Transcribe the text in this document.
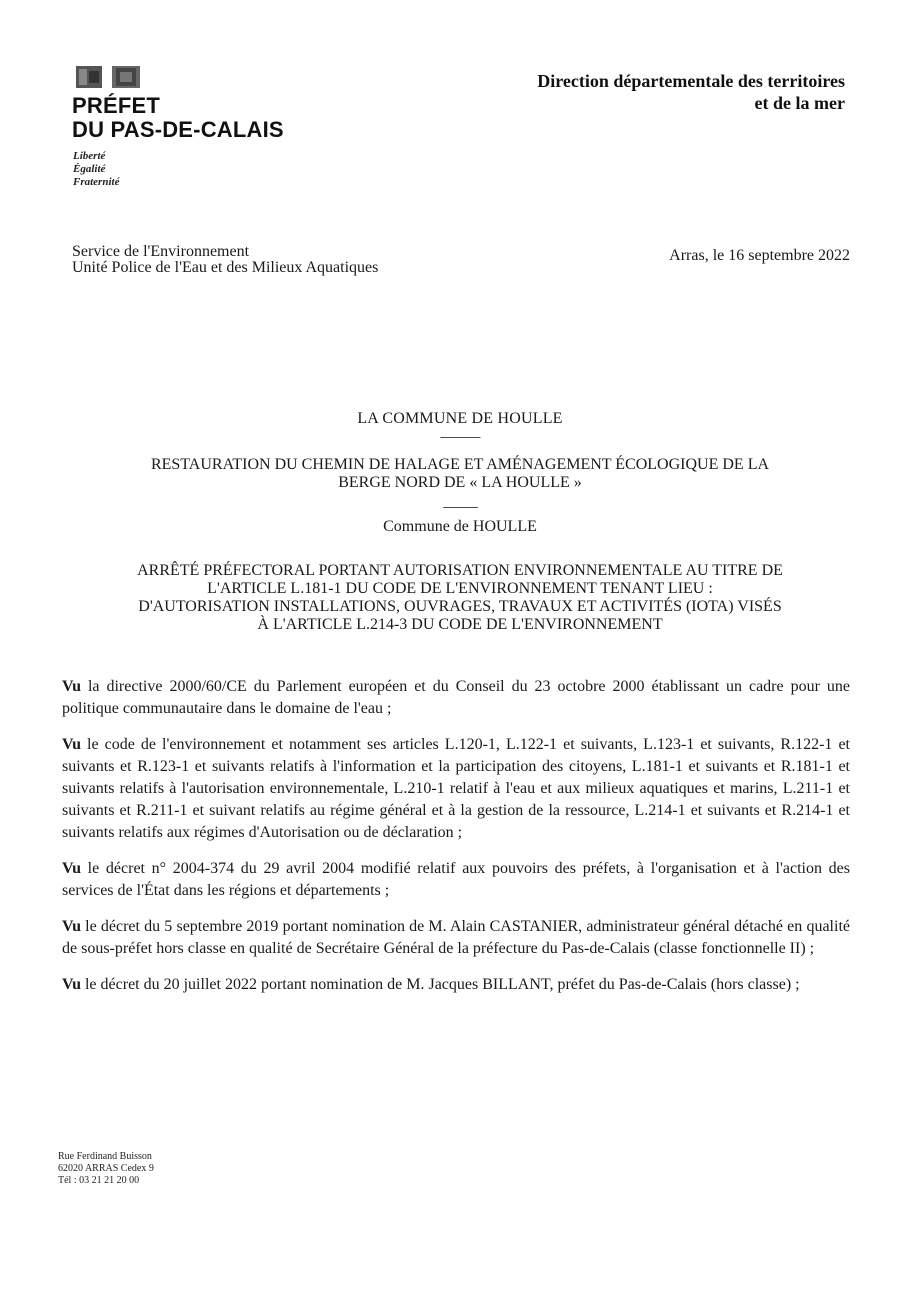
PRÉFET
DU PAS-DE-CALAIS
Liberté
Égalité
Fraternité
Direction départementale des territoires
et de la mer
Service de l'Environnement
Unité Police de l'Eau et des Milieux Aquatiques
Arras, le 16 septembre 2022
LA COMMUNE DE HOULLE
---------------
RESTAURATION DU CHEMIN DE HALAGE ET AMÉNAGEMENT ÉCOLOGIQUE DE LA
BERGE NORD DE « LA HOULLE »
-------------
Commune de HOULLE
ARRÊTÉ PRÉFECTORAL PORTANT AUTORISATION ENVIRONNEMENTALE AU TITRE DE
L'ARTICLE L.181-1 DU CODE DE L'ENVIRONNEMENT TENANT LIEU :
D'AUTORISATION INSTALLATIONS, OUVRAGES, TRAVAUX ET ACTIVITÉS (IOTA) VISÉS
À L'ARTICLE L.214-3 DU CODE DE L'ENVIRONNEMENT

Vu la directive 2000/60/CE du Parlement européen et du Conseil du 23 octobre 2000 établissant un cadre pour une politique communautaire dans le domaine de l'eau ;

Vu le code de l'environnement et notamment ses articles L.120-1, L.122-1 et suivants, L.123-1 et suivants, R.122-1 et suivants et R.123-1 et suivants relatifs à l'information et la participation des citoyens, L.181-1 et suivants et R.181-1 et suivants relatifs à l'autorisation environnementale, L.210-1 relatif à l'eau et aux milieux aquatiques et marins, L.211-1 et suivants et R.211-1 et suivant relatifs au régime général et à la gestion de la ressource, L.214-1 et suivants et R.214-1 et suivants relatifs aux régimes d'Autorisation ou de déclaration ;

Vu le décret n° 2004-374 du 29 avril 2004 modifié relatif aux pouvoirs des préfets, à l'organisation et à l'action des services de l'État dans les régions et départements ;

Vu le décret du 5 septembre 2019 portant nomination de M. Alain CASTANIER, administrateur général détaché en qualité de sous-préfet hors classe en qualité de Secrétaire Général de la préfecture du Pas-de-Calais (classe fonctionnelle II) ;

Vu le décret du 20 juillet 2022 portant nomination de M. Jacques BILLANT, préfet du Pas-de-Calais (hors classe) ;

Rue Ferdinand Buisson
62020 ARRAS Cedex 9
Tél : 03 21 21 20 00
